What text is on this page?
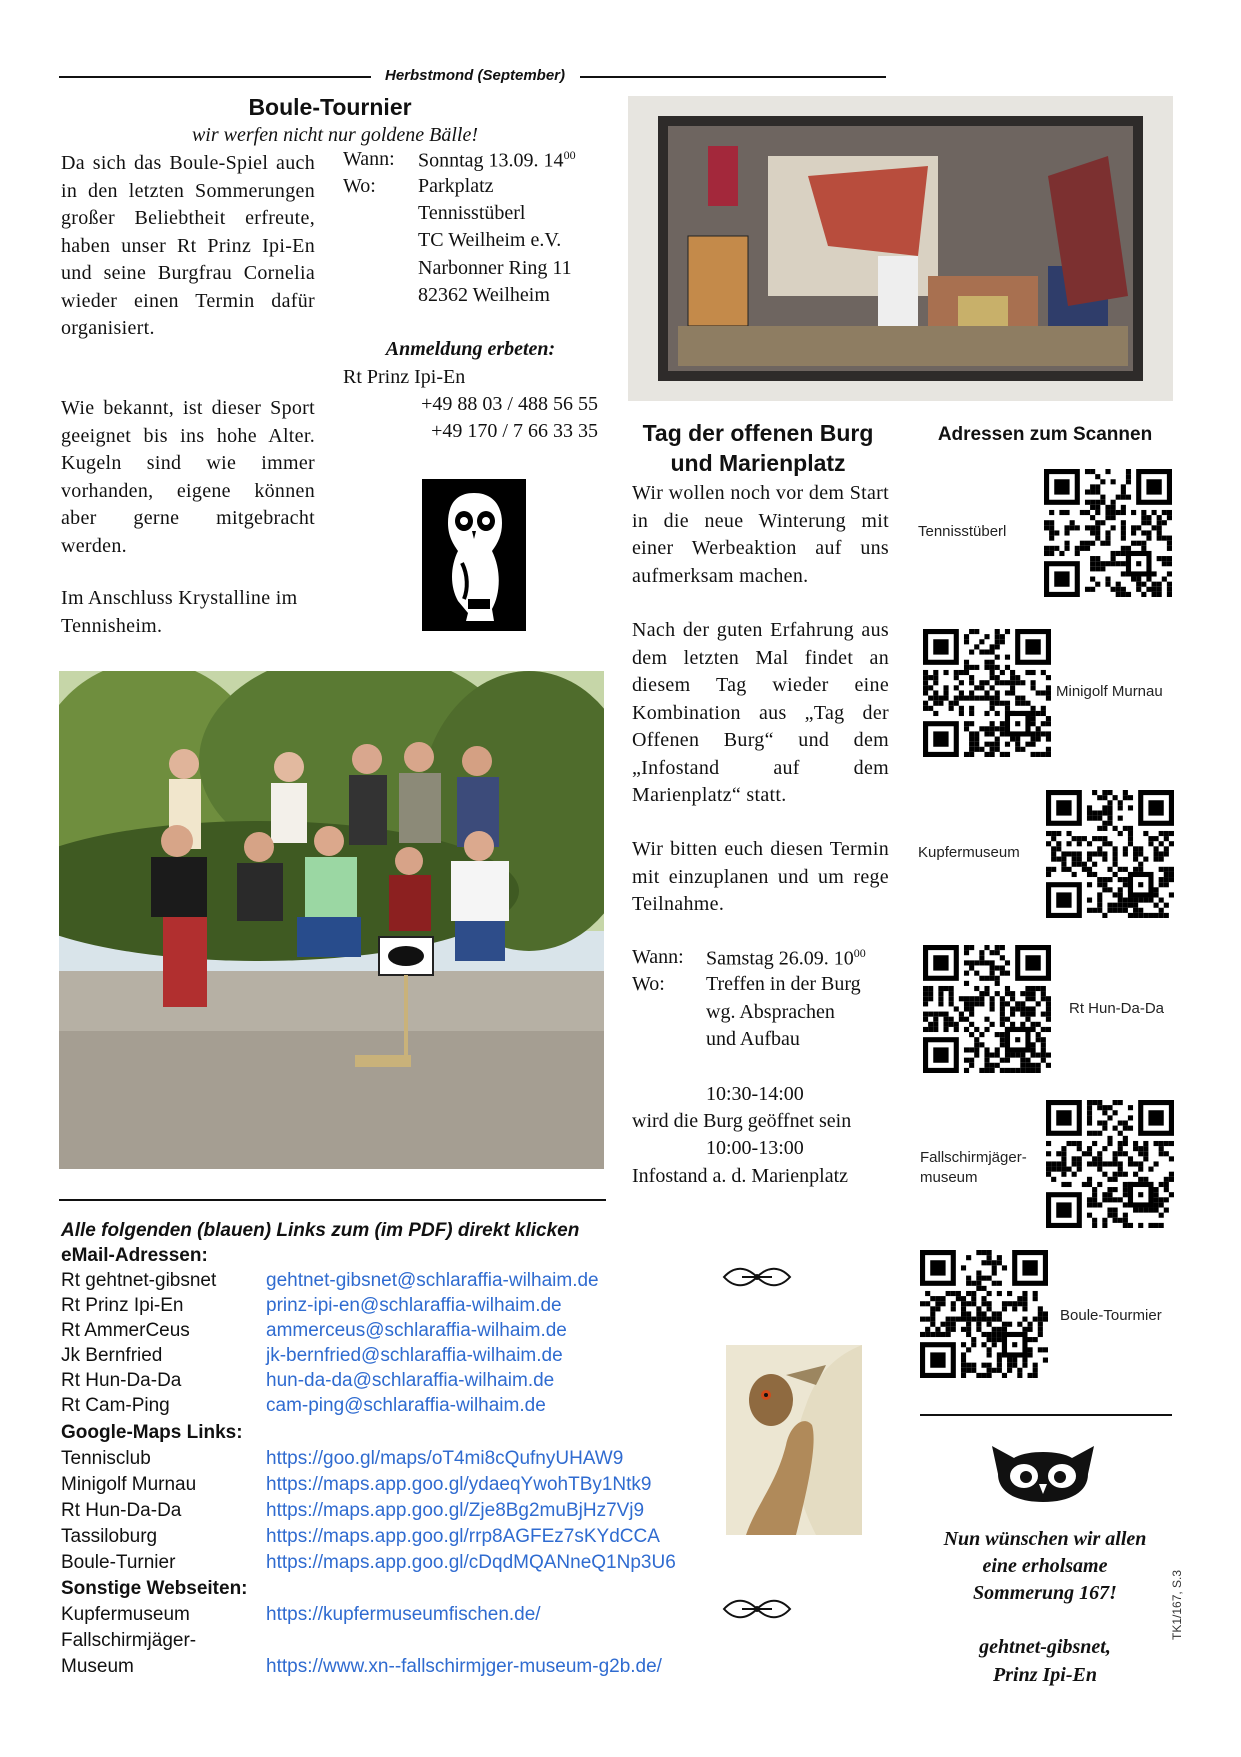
Herbstmond (September)
Boule-Tournier
wir werfen nicht nur goldene Bälle!
Da sich das Boule-Spiel auch in den letzten Sommerungen großer Beliebtheit erfreute, haben unser Rt Prinz Ipi-En und seine Burgfrau Cornelia wieder einen Termin dafür organisiert.
Wie bekannt, ist dieser Sport geeignet bis ins hohe Alter. Kugeln sind wie immer vorhanden, eigene können aber gerne mitgebracht werden.
Im Anschluss Krystalline im Tennisheim.
Wann: Sonntag 13.09. $14^{00}$
Wo: Parkplatz
Tennisstüberl
TC Weilheim e.V.
Narbonner Ring 11
82362 Weilheim
Anmeldung erbeten:
Rt Prinz Ipi-En
+49 88 03 / 488 56 55
+49 170 / 7 66 33 35	Tag der offenen Burg und Marienplatz
Wir wollen noch vor dem Start in die neue Winterung mit einer Werbeaktion auf uns aufmerksam machen.
Nach der guten Erfahrung aus dem letzten Mal findet an diesem Tag wieder eine Kombination aus „Tag der Offenen Burg“ und dem „Infostand auf dem Marienplatz“ statt.
Wir bitten euch diesen Termin mit einzuplanen und um rege Teilnahme.
Wann: Samstag 26.09. $10^{00}$
Wo: Treffen in der Burg
wg. Absprachen
und Aufbau
10:30-14:00
wird die Burg geöffnet sein
10:00-13:00
Infostand a. d. Marienplatz
Adressen zum Scannen
Tennisstüberl
Minigolf Murnau
Kupfermuseum
Rt Hun-Da-Da
Fallschirmjäger-museum
Boule-Tourmier
Alle folgenden (blauen) Links zum (im PDF) direkt klicken
eMail-Adressen:
Rt gehtnet-gibsnet	gehtnet-gibsnet@schlaraffia-wilhaim.de
Rt Prinz Ipi-En	prinz-ipi-en@schlaraffia-wilhaim.de
Rt AmmerCeus	ammerceus@schlaraffia-wilhaim.de
Jk Bernfried	jk-bernfried@schlaraffia-wilhaim.de
Rt Hun-Da-Da	hun-da-da@schlaraffia-wilhaim.de
Rt Cam-Ping	cam-ping@schlaraffia-wilhaim.de
Google-Maps Links:
Tennisclub	https://goo.gl/maps/oT4mi8cQufnyUHAW9
Minigolf Murnau	https://maps.app.goo.gl/ydaeqYwohTBy1Ntk9
Rt Hun-Da-Da	https://maps.app.goo.gl/Zje8Bg2muBjHz7Vj9
Tassiloburg	https://maps.app.goo.gl/rrp8AGFEz7sKYdCCA
Boule-Turnier	https://maps.app.goo.gl/cDqdMQANneQ1Np3U6
Sonstige Webseiten:
Kupfermuseum	https://kupfermuseumfischen.de/
Fallschirmjäger-
Museum	https://www.xn--fallschirmjger-museum-g2b.de/
Nun wünschen wir allen
eine erholsame
Sommerung 167!
gehtnet-gibsnet,
Prinz Ipi-En
TK1/167, S.3
